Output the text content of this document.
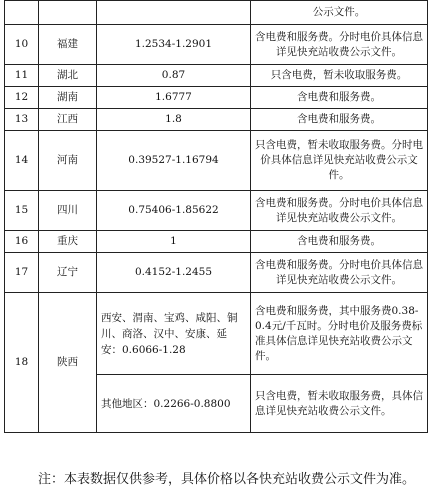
			公示文件。
10	福建	1.2534-1.2901	含电费和服务费。分时电价具体信息详见快充站收费公示文件。
11	湖北	0.87	只含电费，暂未收取服务费。
12	湖南	1.6777	含电费和服务费。
13	江西	1.8	含电费和服务费。
14	河南	0.39527-1.16794	只含电费，暂未收取服务费。分时电价具体信息详见快充站收费公示文件。
15	四川	0.75406-1.85622	含电费和服务费。分时电价具体信息详见快充站收费公示文件。
16	重庆	1	含电费和服务费。
17	辽宁	0.4152-1.2455	含电费和服务费。分时电价具体信息详见快充站收费公示文件。
18	陕西	西安、渭南、宝鸡、咸阳、铜川、商洛、汉中、安康、延安：0.6066-1.28	含电费和服务费，其中服务费0.38-0.4元/千瓦时。分时电价及服务费标准具体信息详见快充站收费公示文件。
		其他地区：0.2266-0.8800	只含电费，暂未收取服务费，具体信息详见快充站收费公示文件。

注：本表数据仅供参考，具体价格以各快充站收费公示文件为准。
